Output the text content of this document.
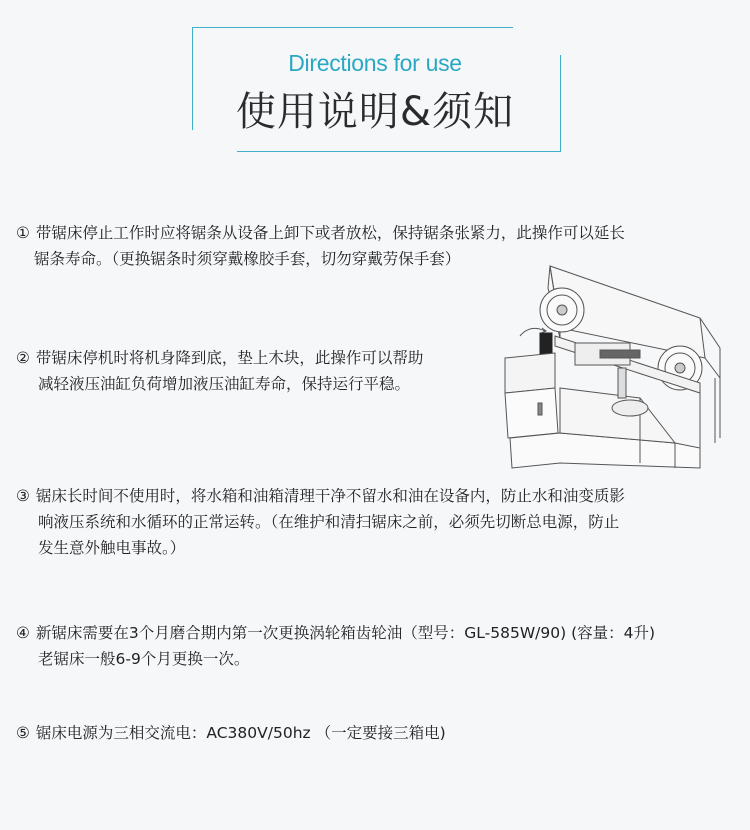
Directions for use
使用说明&须知
① 带锯床停止工作时应将锯条从设备上卸下或者放松，保持锯条张紧力，此操作可以延长
锯条寿命。（更换锯条时须穿戴橡胶手套，切勿穿戴劳保手套）
② 带锯床停机时将机身降到底，垫上木块，此操作可以帮助
减轻液压油缸负荷增加液压油缸寿命，保持运行平稳。
③ 锯床长时间不使用时，将水箱和油箱清理干净不留水和油在设备内，防止水和油变质影
响液压系统和水循环的正常运转。（在维护和清扫锯床之前，必须先切断总电源，防止
发生意外触电事故。）
④ 新锯床需要在3个月磨合期内第一次更换涡轮箱齿轮油（型号：GL-585W/90) (容量：4升)
老锯床一般6-9个月更换一次。
⑤ 锯床电源为三相交流电：AC380V/50hz （一定要接三箱电)
